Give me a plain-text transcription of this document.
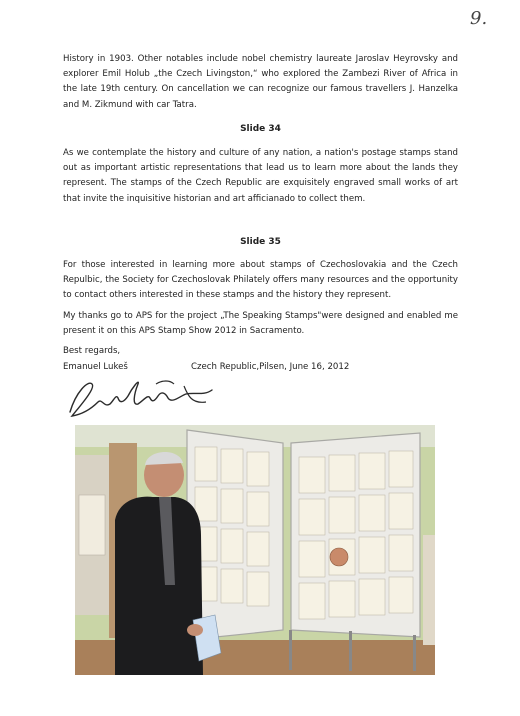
9.

History in 1903. Other notables include nobel chemistry laureate Jaroslav Heyrovsky and explorer Emil Holub „the Czech Livingston,“ who explored the Zambezi River of Africa in the late 19th century. On cancellation we can recognize our famous travellers J. Hanzelka and M. Zikmund with car Tatra.

Slide 34

As we contemplate the history and culture of any nation, a nation's postage stamps stand out as important artistic representations that lead us to learn more about the lands they represent. The stamps of the Czech Republic are exquisitely engraved small works of art that invite the inquisitive historian and art afficianado to collect them.

Slide 35

For those interested in learning more about stamps of Czechoslovakia and the Czech Repulbic, the Society for Czechoslovak Philately offers many resources and the opportunity to contact others interested in these stamps and the history they represent.

My thanks go to APS for the project „The Speaking Stamps"were designed and enabled me present it on this APS Stamp Show 2012 in Sacramento.

Best regards,

Emanuel Lukeš	Czech Republic,Pilsen, June 16, 2012
